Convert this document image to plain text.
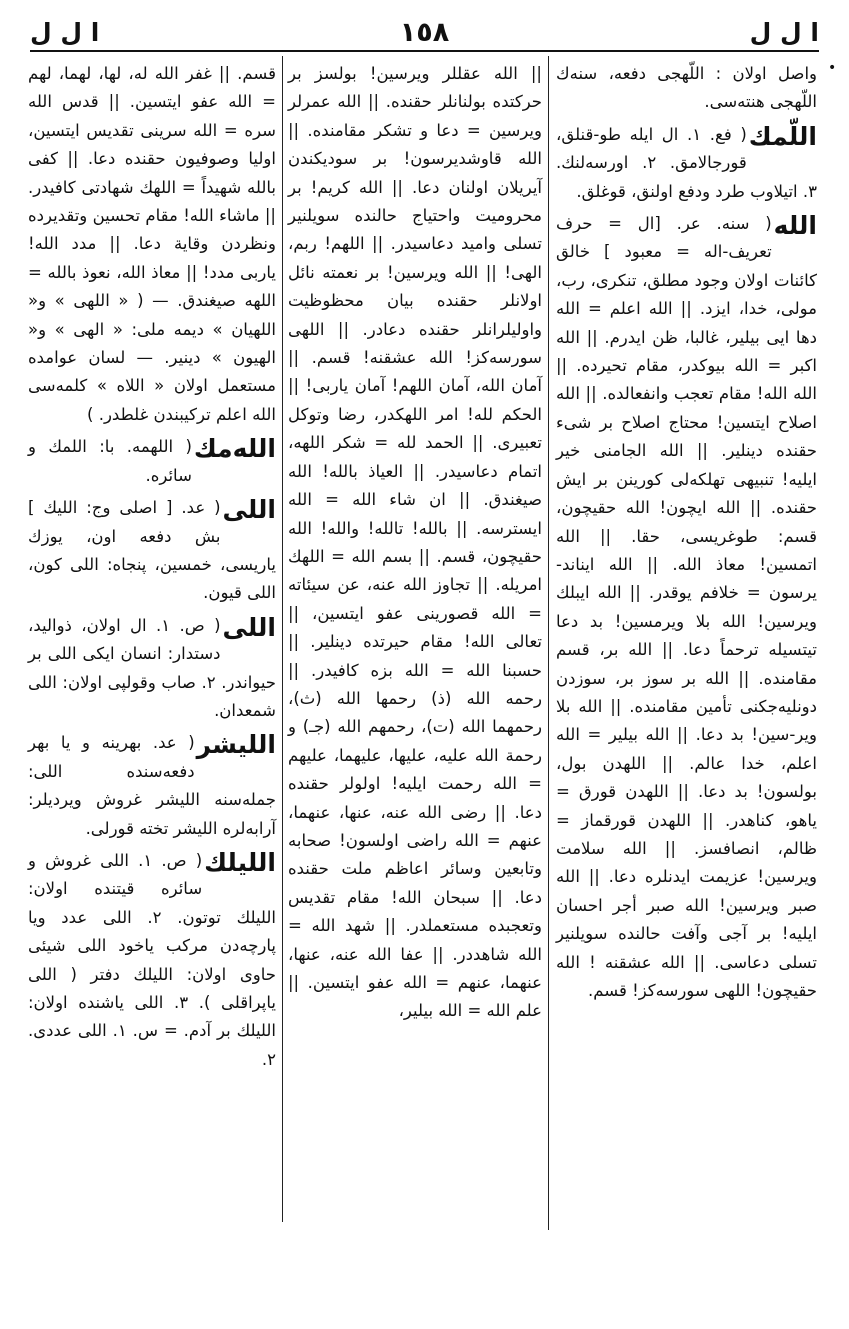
ا ل ل
١٥٨
ا ل ل
•

واصل اولان : اللّهجی دفعه، سنه‌ك اللّهجی هنته‌سی.

اللّمك
( فع. ١. ال ایله طو-قنلق، قورجالامق. ٢. اورسه‌لنك. ٣. اتیلاوب طرد ودفع اولنق، قوغلق.
الله
( سنه. عر. [ال = حرف تعریف-اله = معبود ] خالق كائنات اولان وجود مطلق، تنكری، رب، مولی، خدا، ایزد. || الله اعلم = الله دها ایی بیلیر، غالبا، ظن ایدرم. || الله اكبر = الله بیوكدر، مقام تحیرده. || الله الله! مقام تعجب وانفعالده. || الله اصلاح ایتسین! محتاج اصلاح بر شیء حقنده دینلیر. || الله الجامنی خیر ایلیه! تنبیهی تهلكه‌لی كورینن بر ایش حقنده. || الله ایچون! الله حقیچون، قسم: طوغریسی، حقا. || الله اتمسین! معاذ الله. || الله ایناند-یرسون = خلافم یوقدر. || الله ایبلك ویرسین! الله بلا ویرمسین! بد دعا تیتسیله ترحماً دعا. || الله بر، قسم مقامنده. || الله بر سوز بر، سوزدن دونلیه‌جكنی تأمین مقامنده. || الله بلا ویر-سین! بد دعا. || الله بیلیر = الله اعلم، خدا عالم. || اللهدن بول، بولسون! بد دعا. || اللهدن قورق = یاهو، كناهدر. || اللهدن قورقماز = ظالم، انصافسز. || الله سلامت ویرسین! عزیمت ایدنلره دعا. || الله صبر ویرسین! الله صبر أجر احسان ایلیه! بر آجی وآفت حالنده سویلنیر تسلی دعاسی. || الله عشقنه ! الله حقیچون! اللهی سورسه‌كز! قسم.

|| الله عقللر ویرسین! بولسز بر حركتده بولنانلر حقنده. || الله عمرلر ویرسین = دعا و تشكر مقامنده. || الله قاوشدیرسون! بر سودیكندن آیریلان اولنان دعا. || الله كریم! بر محرومیت واحتیاج حالنده سویلنیر تسلی وامید دعاسیدر. || اللهم! ربم، الهی! || الله ویرسین! بر نعمته نائل اولانلر حقنده بیان محظوظیت واولیلرانلر حقنده دعادر. || اللهی سورسه‌كز! الله عشقنه! قسم. || آمان الله، آمان اللهم! آمان یاربی! || الحكم لله! امر اللهكدر، رضا وتوكل تعبیری. || الحمد لله = شكر اللهه، اتمام دعاسیدر. || العیاذ بالله! الله صیغندق. || ان شاء الله = الله ایسترسه. || بالله! تالله! والله! الله حقیچون، قسم. || بسم الله = اللهك امریله. || تجاوز الله عنه، عن سیئاته = الله قصورینی عفو ایتسین، || تعالی الله! مقام حیرتده دینلیر. || حسبنا الله = الله بزه كافیدر. || رحمه الله (ذ) رحمها الله (ث)، رحمهما الله (ت)، رحمهم الله (جـ) و رحمة الله علیه، علیها، علیهما، علیهم = الله رحمت ایلیه! اولولر حقنده دعا. || رضی الله عنه، عنها، عنهما، عنهم = الله راضی اولسون! صحابه وتابعین وسائر اعاظم ملت حقنده دعا. || سبحان الله! مقام تقدیس وتعجبده مستعملدر. || شهد الله = الله شاهددر. || عفا الله عنه، عنها، عنهما، عنهم = الله عفو ایتسین. || علم الله = الله بیلیر،

قسم. || غفر الله له، لها، لهما، لهم = الله عفو ایتسین. || قدس الله سره = الله سرینی تقدیس ایتسین، اولیا وصوفیون حقنده دعا. || كفی بالله شهیداً = اللهك شهادتی كافیدر. || ماشاء الله! مقام تحسین وتقدیرده ونظردن وقایة دعا. || مدد الله! یاربی مدد! || معاذ الله، نعوذ بالله = اللهه صیغندق. — ( « اللهی » و« اللهیان » دیمه ملی: « الهی » و« الهیون » دینیر. — لسان عوامده مستعمل اولان « اللاه » كلمه‌سی الله اعلم تركیبندن غلطدر. )

الله‌مك
( اللهمه. با: اللمك و سائره.
اللی
( عد. [ اصلی وج: اللیك ] بش دفعه اون، یوزك یاریسی، خمسین، پنجاه: اللی كون، اللی قیون.
اللی
( ص. ١. ال اولان، ذوالید، دستدار: انسان ایكی اللی بر حیواندر. ٢. صاب وقولپی اولان: اللی شمعدان.
اللیشر
( عد. بهرینه و یا بهر دفعه‌سنده اللی: جمله‌سنه اللیشر غروش ویردیلر: آرابه‌لره اللیشر تخته قورلی.
اللیلك
( ص. ١. اللی غروش و سائره قیتنده اولان: اللیلك توتون. ٢. اللی عدد ویا پارچه‌دن مركب یاخود اللی شیئی حاوی اولان: اللیلك دفتر ( اللی یاپراقلی ). ٣. اللی یاشنده اولان: اللیلك بر آدم. = س. ١. اللی عددی. ٢.
